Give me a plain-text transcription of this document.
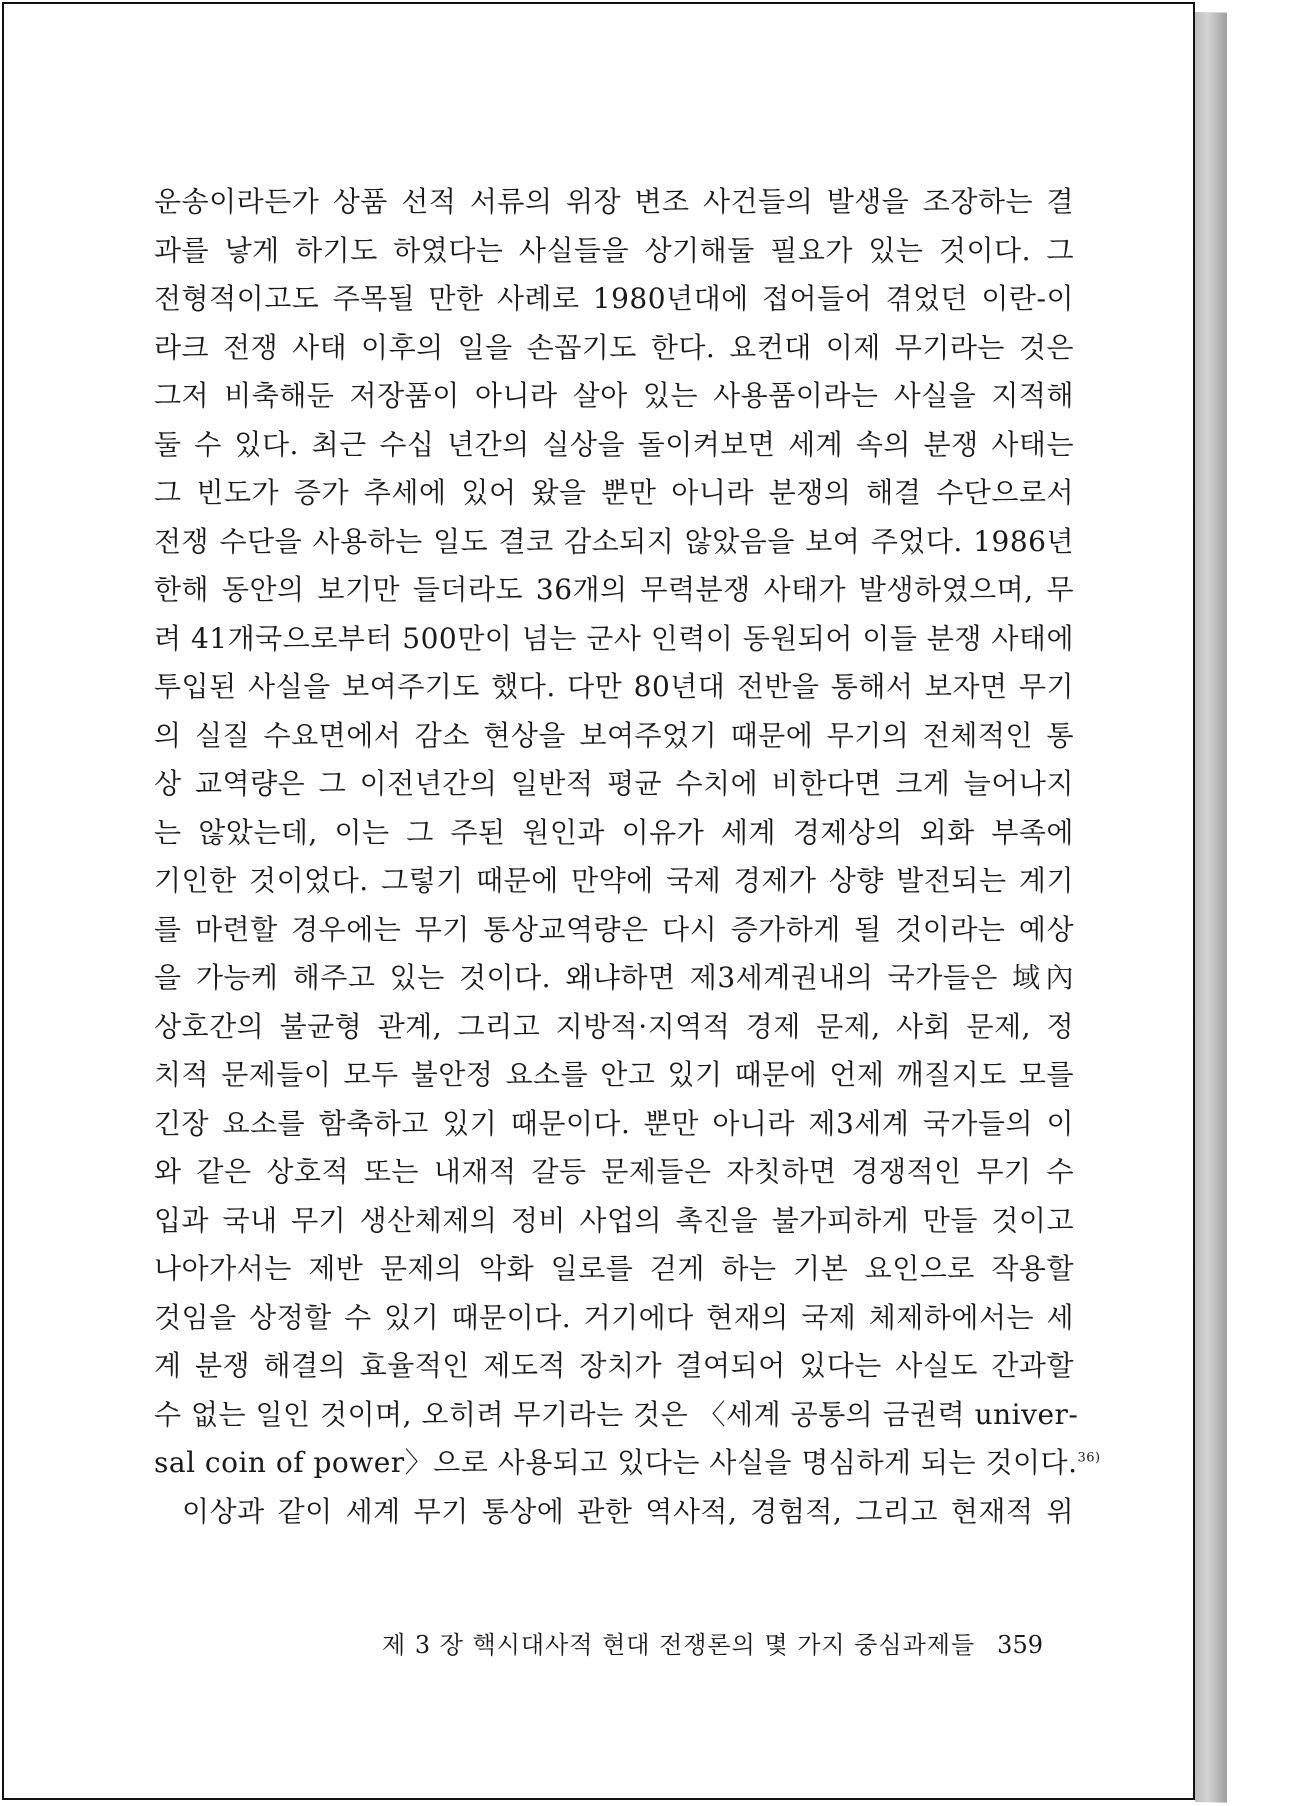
운송이라든가 상품 선적 서류의 위장 변조 사건들의 발생을 조장하는 결
과를 낳게 하기도 하였다는 사실들을 상기해둘 필요가 있는 것이다. 그
전형적이고도 주목될 만한 사례로 1980년대에 접어들어 겪었던 이란-이
라크 전쟁 사태 이후의 일을 손꼽기도 한다. 요컨대 이제 무기라는 것은
그저 비축해둔 저장품이 아니라 살아 있는 사용품이라는 사실을 지적해
둘 수 있다. 최근 수십 년간의 실상을 돌이켜보면 세계 속의 분쟁 사태는
그 빈도가 증가 추세에 있어 왔을 뿐만 아니라 분쟁의 해결 수단으로서
전쟁 수단을 사용하는 일도 결코 감소되지 않았음을 보여 주었다. 1986년
한해 동안의 보기만 들더라도 36개의 무력분쟁 사태가 발생하였으며, 무
려 41개국으로부터 500만이 넘는 군사 인력이 동원되어 이들 분쟁 사태에
투입된 사실을 보여주기도 했다. 다만 80년대 전반을 통해서 보자면 무기
의 실질 수요면에서 감소 현상을 보여주었기 때문에 무기의 전체적인 통
상 교역량은 그 이전년간의 일반적 평균 수치에 비한다면 크게 늘어나지
는 않았는데, 이는 그 주된 원인과 이유가 세계 경제상의 외화 부족에
기인한 것이었다. 그렇기 때문에 만약에 국제 경제가 상향 발전되는 계기
를 마련할 경우에는 무기 통상교역량은 다시 증가하게 될 것이라는 예상
을 가능케 해주고 있는 것이다. 왜냐하면 제3세계권내의 국가들은 域內
상호간의 불균형 관계, 그리고 지방적·지역적 경제 문제, 사회 문제, 정
치적 문제들이 모두 불안정 요소를 안고 있기 때문에 언제 깨질지도 모를
긴장 요소를 함축하고 있기 때문이다. 뿐만 아니라 제3세계 국가들의 이
와 같은 상호적 또는 내재적 갈등 문제들은 자칫하면 경쟁적인 무기 수
입과 국내 무기 생산체제의 정비 사업의 촉진을 불가피하게 만들 것이고
나아가서는 제반 문제의 악화 일로를 걷게 하는 기본 요인으로 작용할
것임을 상정할 수 있기 때문이다. 거기에다 현재의 국제 체제하에서는 세
계 분쟁 해결의 효율적인 제도적 장치가 결여되어 있다는 사실도 간과할
수 없는 일인 것이며, 오히려 무기라는 것은 〈세계 공통의 금권력 univer-
sal coin of power〉으로 사용되고 있다는 사실을 명심하게 되는 것이다.$^{36)}$
이상과 같이 세계 무기 통상에 관한 역사적, 경험적, 그리고 현재적 위
제 3 장 핵시대사적 현대 전쟁론의 몇 가지 중심과제들 359
